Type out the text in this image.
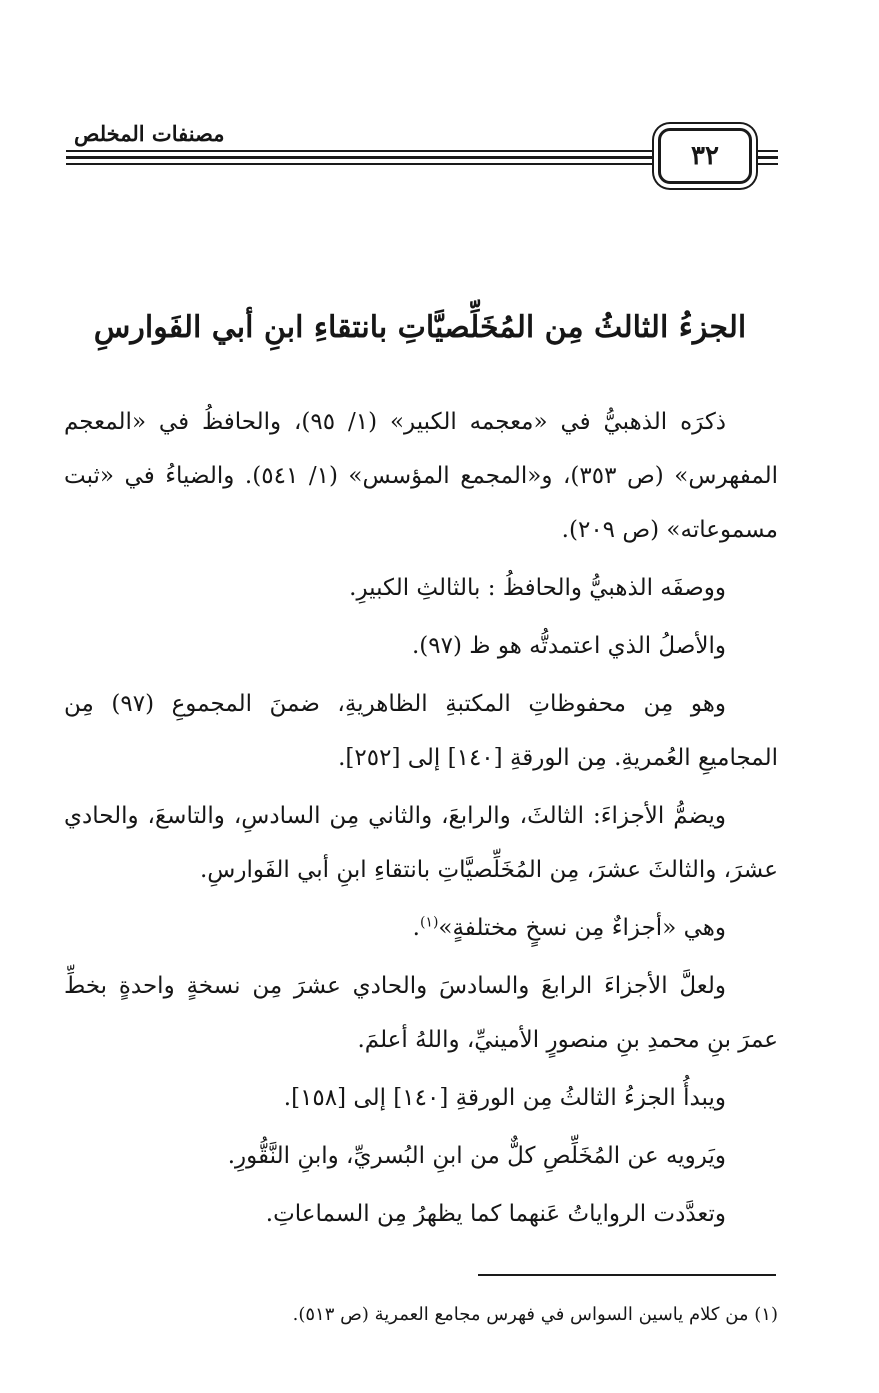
مصنفات المخلص
٣٢
الجزءُ الثالثُ مِن المُخَلِّصيَّاتِ بانتقاءِ ابنِ أبي الفَوارسِ

ذكرَه الذهبيُّ في «معجمه الكبير» (١/ ٩٥)، والحافظُ في «المعجم المفهرس» (ص ٣٥٣)، و«المجمع المؤسس» (١/ ٥٤١). والضياءُ في «ثبت مسموعاته» (ص ٢٠٩).

ووصفَه الذهبيُّ والحافظُ : بالثالثِ الكبيرِ.

والأصلُ الذي اعتمدتُّه هو ظ (٩٧).

وهو مِن محفوظاتِ المكتبةِ الظاهريةِ، ضمنَ المجموعِ (٩٧) مِن المجاميعِ العُمريةِ. مِن الورقةِ [١٤٠] إلى [٢٥٢].

ويضمُّ الأجزاءَ: الثالثَ، والرابعَ، والثاني مِن السادسِ، والتاسعَ، والحادي عشرَ، والثالثَ عشرَ، مِن المُخَلِّصيَّاتِ بانتقاءِ ابنِ أبي الفَوارسِ.

وهي «أجزاءٌ مِن نسخٍ مختلفةٍ»$^{(١)}$.

ولعلَّ الأجزاءَ الرابعَ والسادسَ والحادي عشرَ مِن نسخةٍ واحدةٍ بخطِّ عمرَ بنِ محمدِ بنِ منصورٍ الأمينيِّ، واللهُ أعلمَ.

ويبدأُ الجزءُ الثالثُ مِن الورقةِ [١٤٠] إلى [١٥٨].

ويَرويه عن المُخَلِّصِ كلٌّ من ابنِ البُسريِّ، وابنِ النَّقُّورِ.

وتعدَّدت الرواياتُ عَنهما كما يظهرُ مِن السماعاتِ.

(١) من كلام ياسين السواس في فهرس مجامع العمرية (ص ٥١٣).
